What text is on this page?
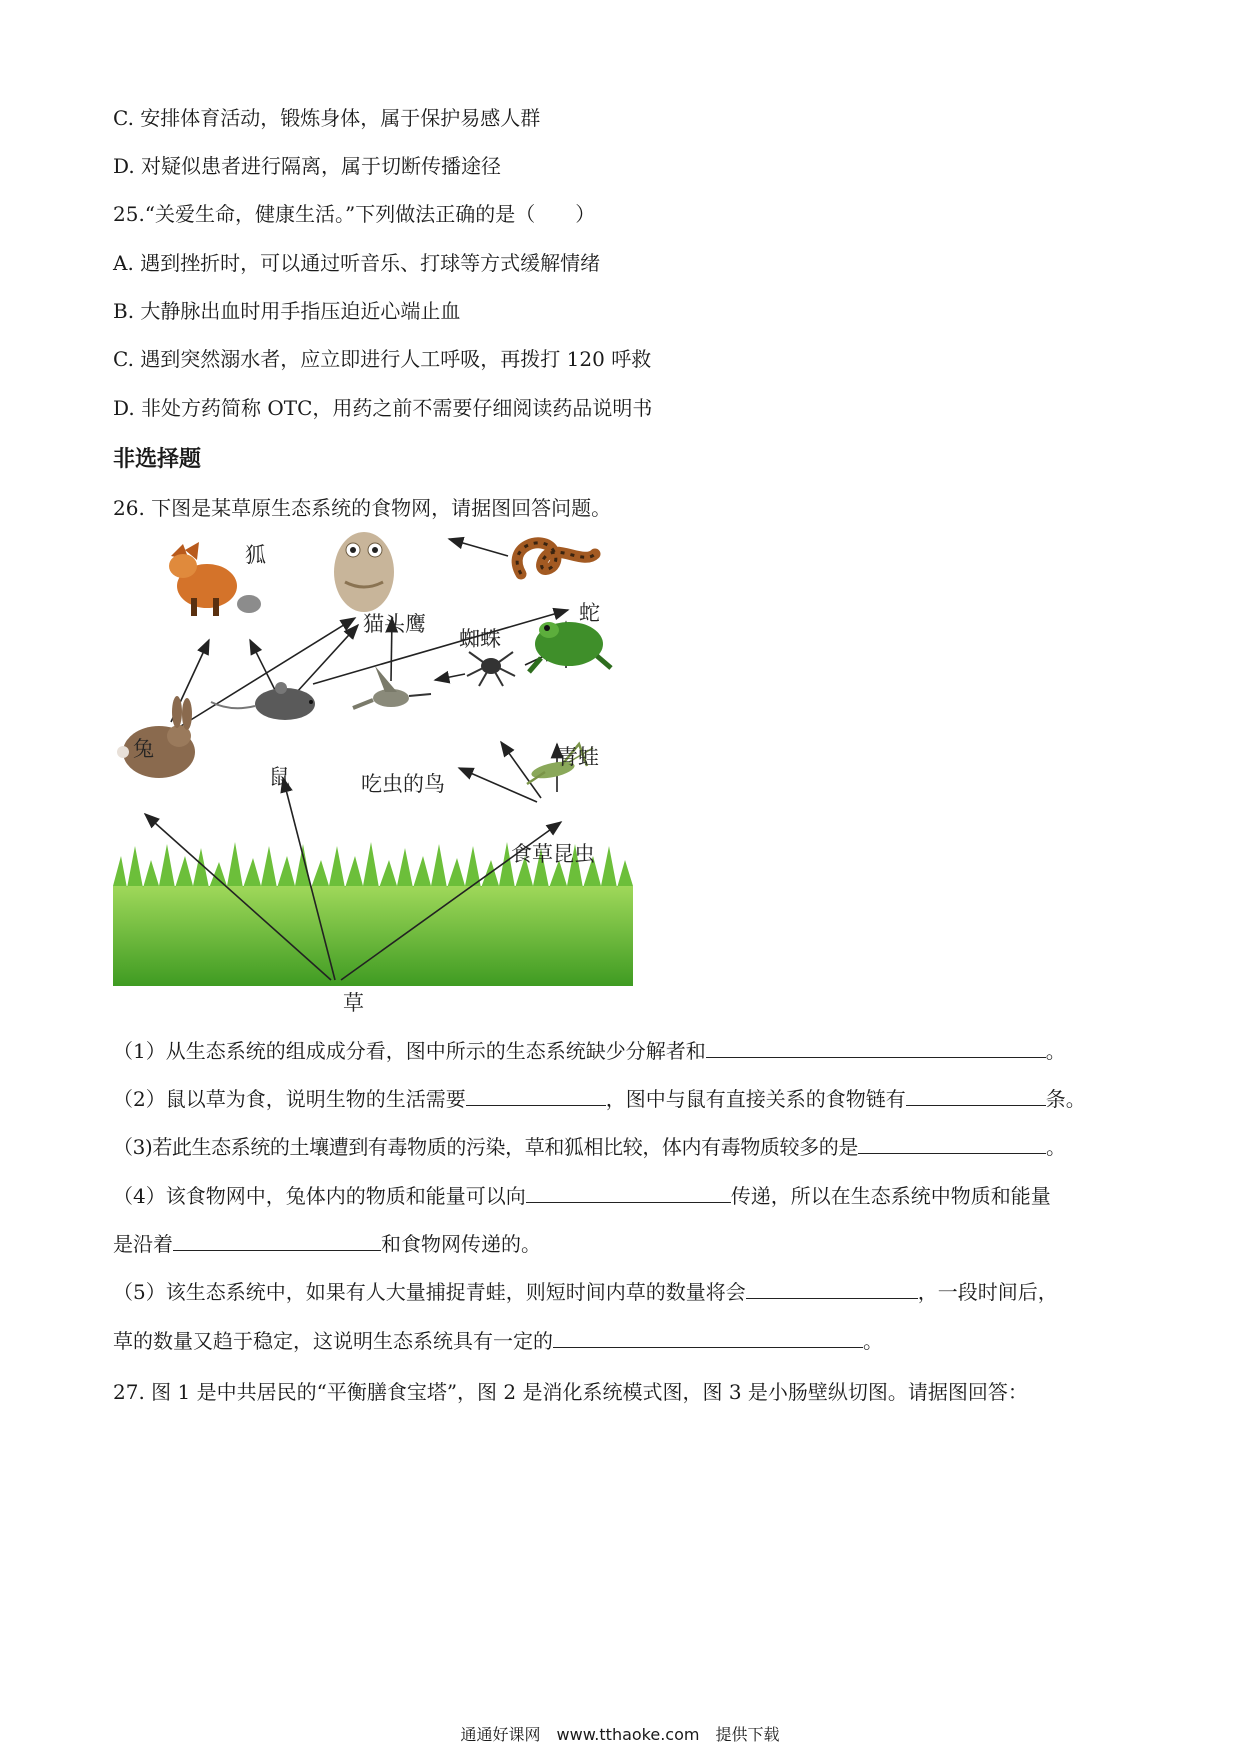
C. 安排体育活动，锻炼身体，属于保护易感人群
D. 对疑似患者进行隔离，属于切断传播途径
25.“关爱生命，健康生活。”下列做法正确的是（　　）
A. 遇到挫折时，可以通过听音乐、打球等方式缓解情绪
B. 大静脉出血时用手指压迫近心端止血
C. 遇到突然溺水者，应立即进行人工呼吸，再拨打 120 呼救
D. 非处方药简称 OTC，用药之前不需要仔细阅读药品说明书
非选择题
26. 下图是某草原生态系统的食物网，请据图回答问题。
狐
猫头鹰	蛇
蜘蛛
青蛙
兔
鼠	吃虫的鸟
食草昆虫
草
（1）从生态系统的组成成分看，图中所示的生态系统缺少分解者和	。
（2）鼠以草为食，说明生物的生活需要	，图中与鼠有直接关系的食物链有	条。
（3)若此生态系统的土壤遭到有毒物质的污染，草和狐相比较，体内有毒物质较多的是	。
（4）该食物网中，兔体内的物质和能量可以向	传递，所以在生态系统中物质和能量
是沿着	和食物网传递的。
（5）该生态系统中，如果有人大量捕捉青蛙，则短时间内草的数量将会	，一段时间后，
草的数量又趋于稳定，这说明生态系统具有一定的	。
27. 图 1 是中共居民的“平衡膳食宝塔”，图 2 是消化系统模式图，图 3 是小肠壁纵切图。请据图回答：
通通好课网　www.tthaoke.com　提供下载
